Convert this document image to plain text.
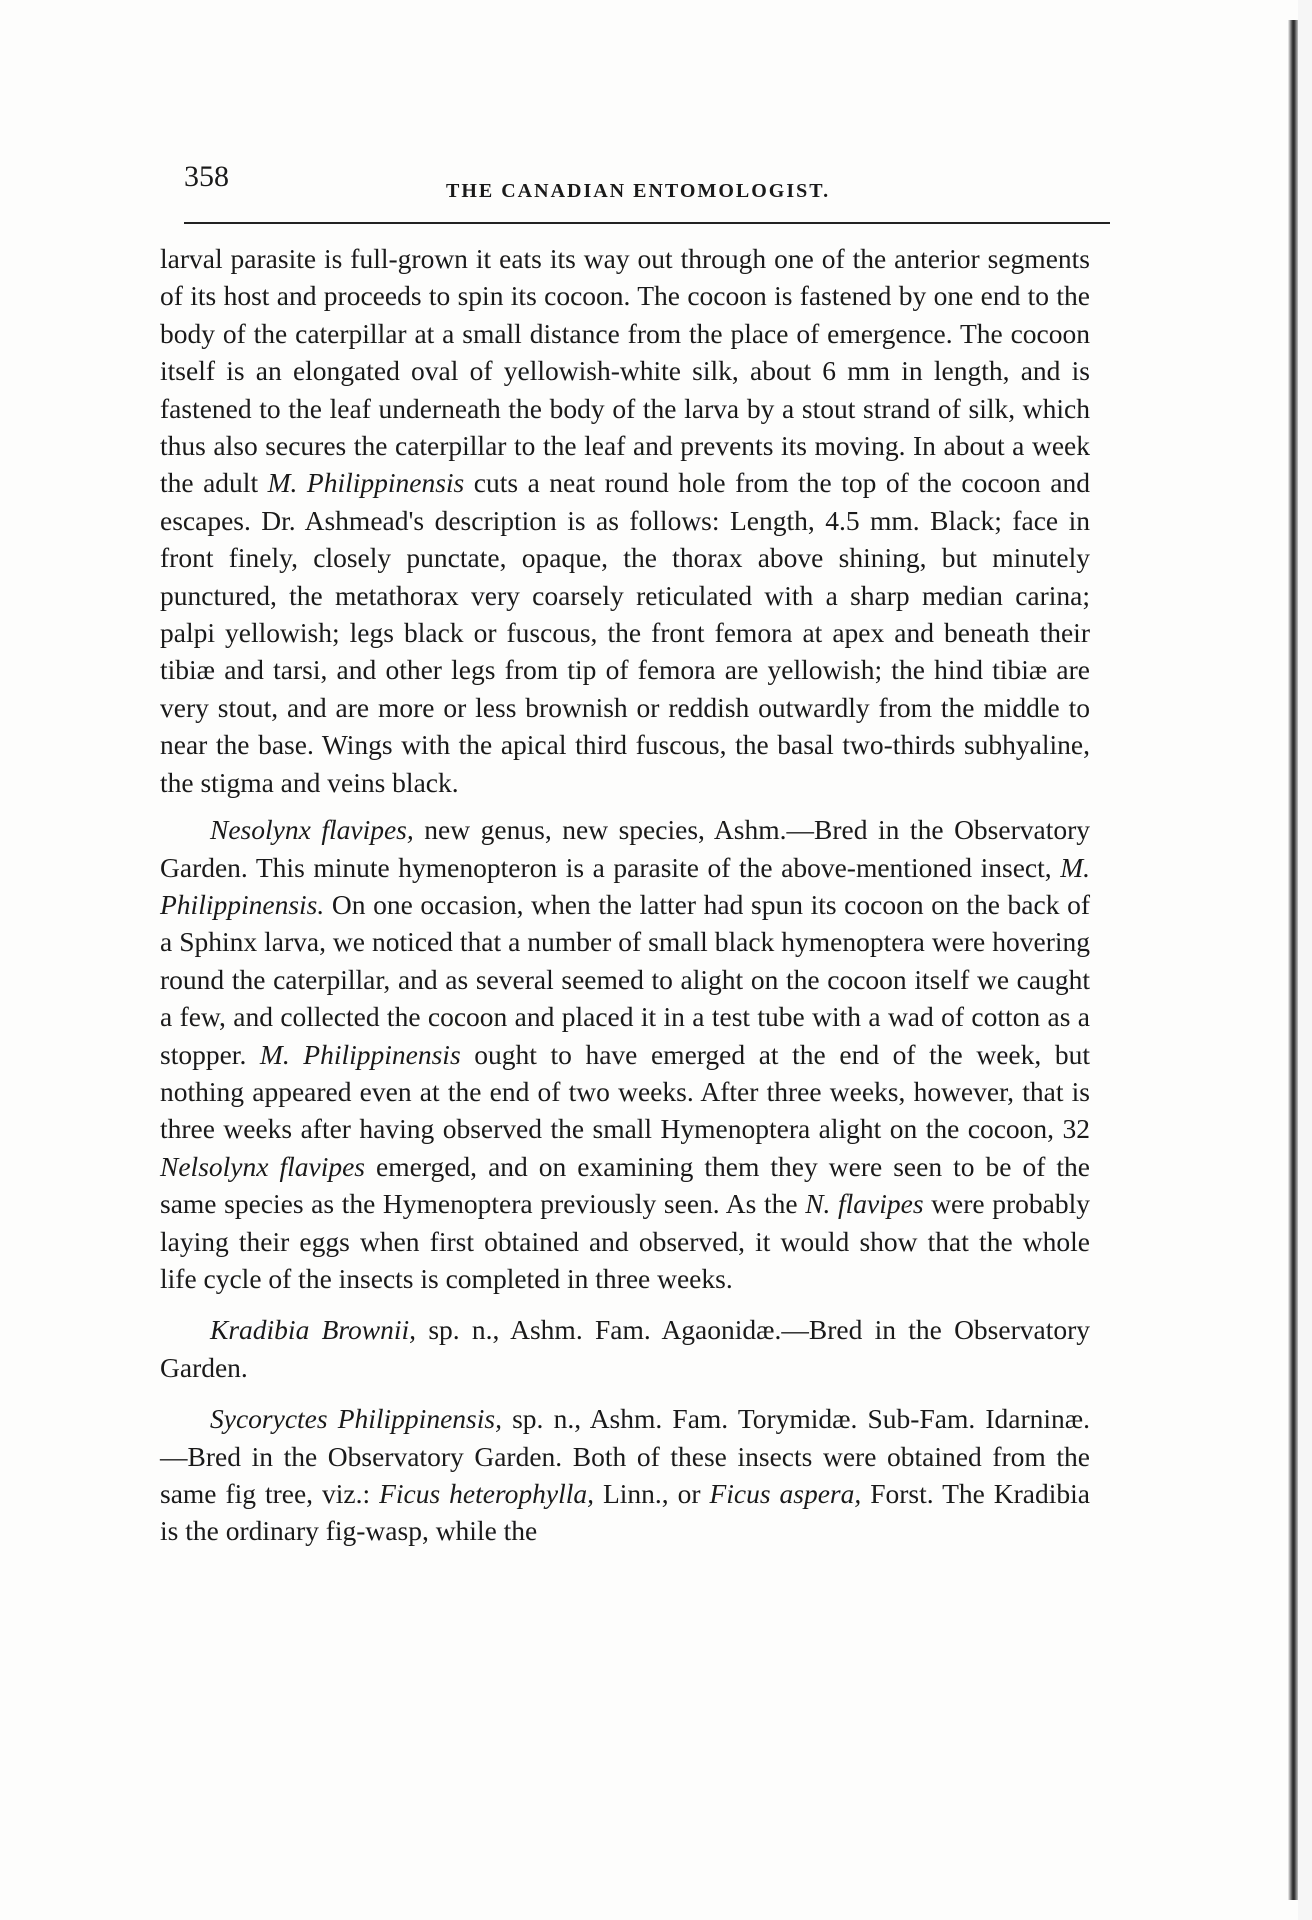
358	THE CANADIAN ENTOMOLOGIST.

larval parasite is full-grown it eats its way out through one of the anterior segments of its host and proceeds to spin its cocoon. The cocoon is fastened by one end to the body of the caterpillar at a small distance from the place of emergence. The cocoon itself is an elongated oval of yellowish-white silk, about 6 mm in length, and is fastened to the leaf underneath the body of the larva by a stout strand of silk, which thus also secures the caterpillar to the leaf and prevents its moving. In about a week the adult M. Philippinensis cuts a neat round hole from the top of the cocoon and escapes. Dr. Ashmead's description is as follows: Length, 4.5 mm. Black; face in front finely, closely punctate, opaque, the thorax above shining, but minutely punctured, the metathorax very coarsely reticulated with a sharp median carina; palpi yellowish; legs black or fuscous, the front femora at apex and beneath their tibiæ and tarsi, and other legs from tip of femora are yellowish; the hind tibiæ are very stout, and are more or less brownish or reddish outwardly from the middle to near the base. Wings with the apical third fuscous, the basal two-thirds subhyaline, the stigma and veins black.

Nesolynx flavipes, new genus, new species, Ashm.—Bred in the Observatory Garden. This minute hymenopteron is a parasite of the above-mentioned insect, M. Philippinensis. On one occasion, when the latter had spun its cocoon on the back of a Sphinx larva, we noticed that a number of small black hymenoptera were hovering round the caterpillar, and as several seemed to alight on the cocoon itself we caught a few, and collected the cocoon and placed it in a test tube with a wad of cotton as a stopper. M. Philippinensis ought to have emerged at the end of the week, but nothing appeared even at the end of two weeks. After three weeks, however, that is three weeks after having observed the small Hymenoptera alight on the cocoon, 32 Nelsolynx flavipes emerged, and on examining them they were seen to be of the same species as the Hymenoptera previously seen. As the N. flavipes were probably laying their eggs when first obtained and observed, it would show that the whole life cycle of the insects is completed in three weeks.

Kradibia Brownii, sp. n., Ashm. Fam. Agaonidæ.—Bred in the Observatory Garden.

Sycoryctes Philippinensis, sp. n., Ashm. Fam. Torymidæ. Sub-Fam. Idarninæ.—Bred in the Observatory Garden. Both of these insects were obtained from the same fig tree, viz.: Ficus heterophylla, Linn., or Ficus aspera, Forst. The Kradibia is the ordinary fig-wasp, while the
